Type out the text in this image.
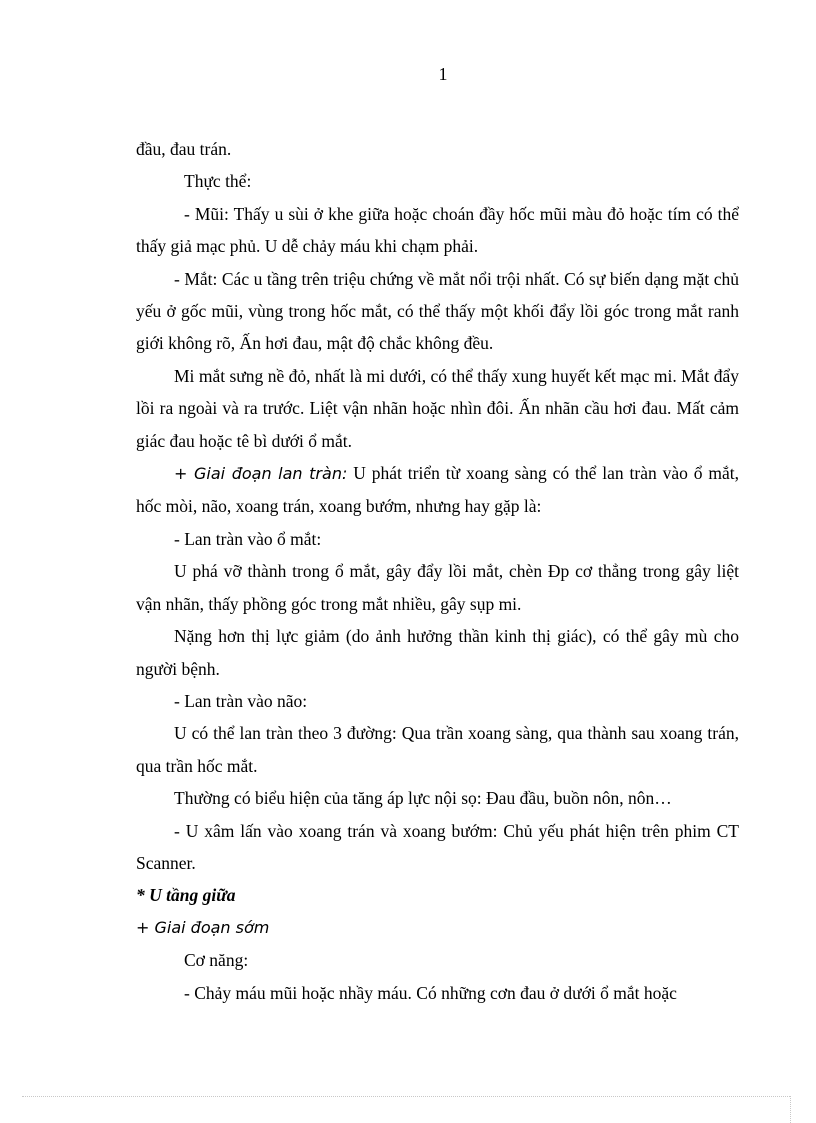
1

đầu, đau trán.

Thực thể:

- Mũi: Thấy u sùi ở khe giữa hoặc choán đầy hốc mũi màu đỏ hoặc tím có thể thấy giả mạc phủ. U dễ chảy máu khi chạm phải.

- Mắt: Các u tầng trên triệu chứng về mắt nổi trội nhất. Có sự biến dạng mặt chủ yếu ở gốc mũi, vùng trong hốc mắt, có thể thấy một khối đẩy lồi góc trong mắt ranh giới không rõ, Ấn hơi đau, mật độ chắc không đều.

Mi mắt sưng nề đỏ, nhất là mi dưới, có thể thấy xung huyết kết mạc mi. Mắt đẩy lồi ra ngoài và ra trước. Liệt vận nhãn hoặc nhìn đôi. Ấn nhãn cầu hơi đau. Mất cảm giác đau hoặc tê bì dưới ổ mắt.

+ Giai đoạn lan tràn: U phát triển từ xoang sàng có thể lan tràn vào ổ mắt, hốc mòi, não, xoang trán, xoang bướm, nhưng hay gặp là:

- Lan tràn vào ổ mắt:

U phá vỡ thành trong ổ mắt, gây đẩy lồi mắt, chèn Ðp cơ thẳng trong gây liệt vận nhãn, thấy phồng góc trong mắt nhiều, gây sụp mi.

Nặng hơn thị lực giảm (do ảnh hưởng thần kinh thị giác), có thể gây mù cho người bệnh.

- Lan tràn vào não:

U có thể lan tràn theo 3 đường: Qua trần xoang sàng, qua thành sau xoang trán, qua trần hốc mắt.

Thường có biểu hiện của tăng áp lực nội sọ: Đau đầu, buồn nôn, nôn…

- U xâm lấn vào xoang trán và xoang bướm: Chủ yếu phát hiện trên phim CT Scanner.

* U tầng giữa

+ Giai đoạn sớm

Cơ năng:

- Chảy máu mũi hoặc nhầy máu. Có những cơn đau ở dưới ổ mắt hoặc
